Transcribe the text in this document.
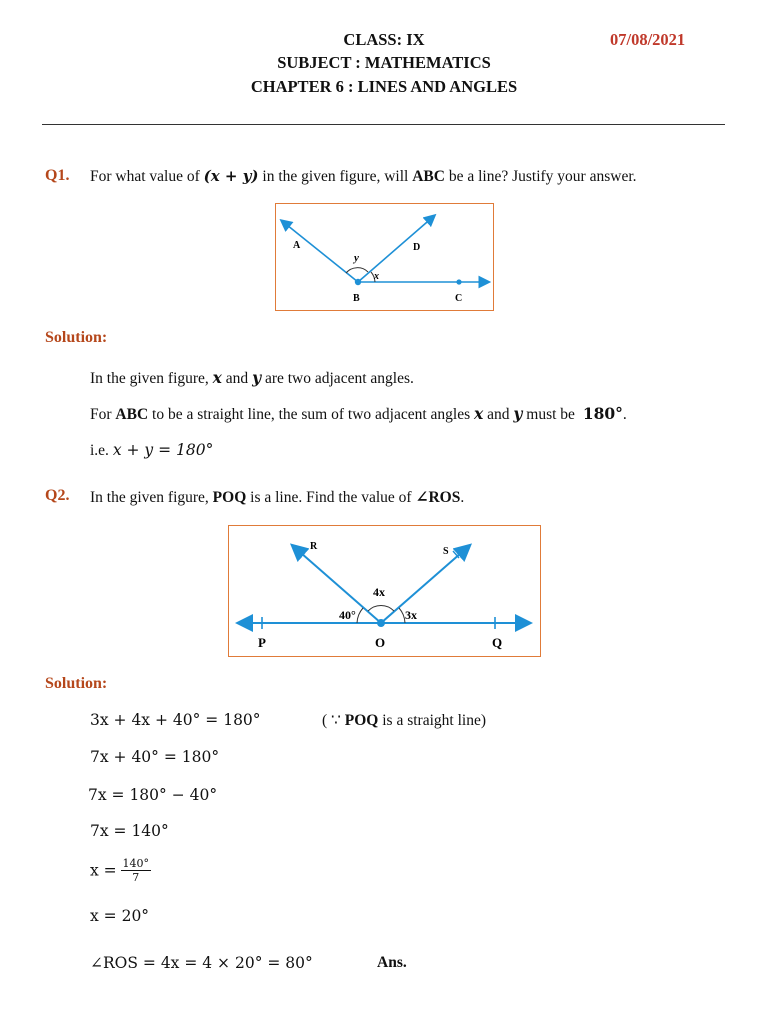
CLASS: IX	07/08/2021
SUBJECT : MATHEMATICS
CHAPTER 6 : LINES AND ANGLES
Q1. For what value of (x + y) in the given figure, will ABC be a line? Justify your answer.
A	D
B	C
y
x
Solution:
In the given figure, x and y are two adjacent angles.
For ABC to be a straight line, the sum of two adjacent angles x and y must be 180°.
i.e. x + y = 180°
Q2. In the given figure, POQ is a line. Find the value of ∠ROS.
R	S
P	O	Q
40°
4x
3x
Solution:
3x + 4x + 40° = 180°	( ∵ POQ is a straight line)
7x + 40° = 180°
7x = 180° − 40°
7x = 140°
$x = \frac{140^\circ}{7}$
x = 20°
∠ROS = 4x = 4 × 20° = 80°	Ans.
